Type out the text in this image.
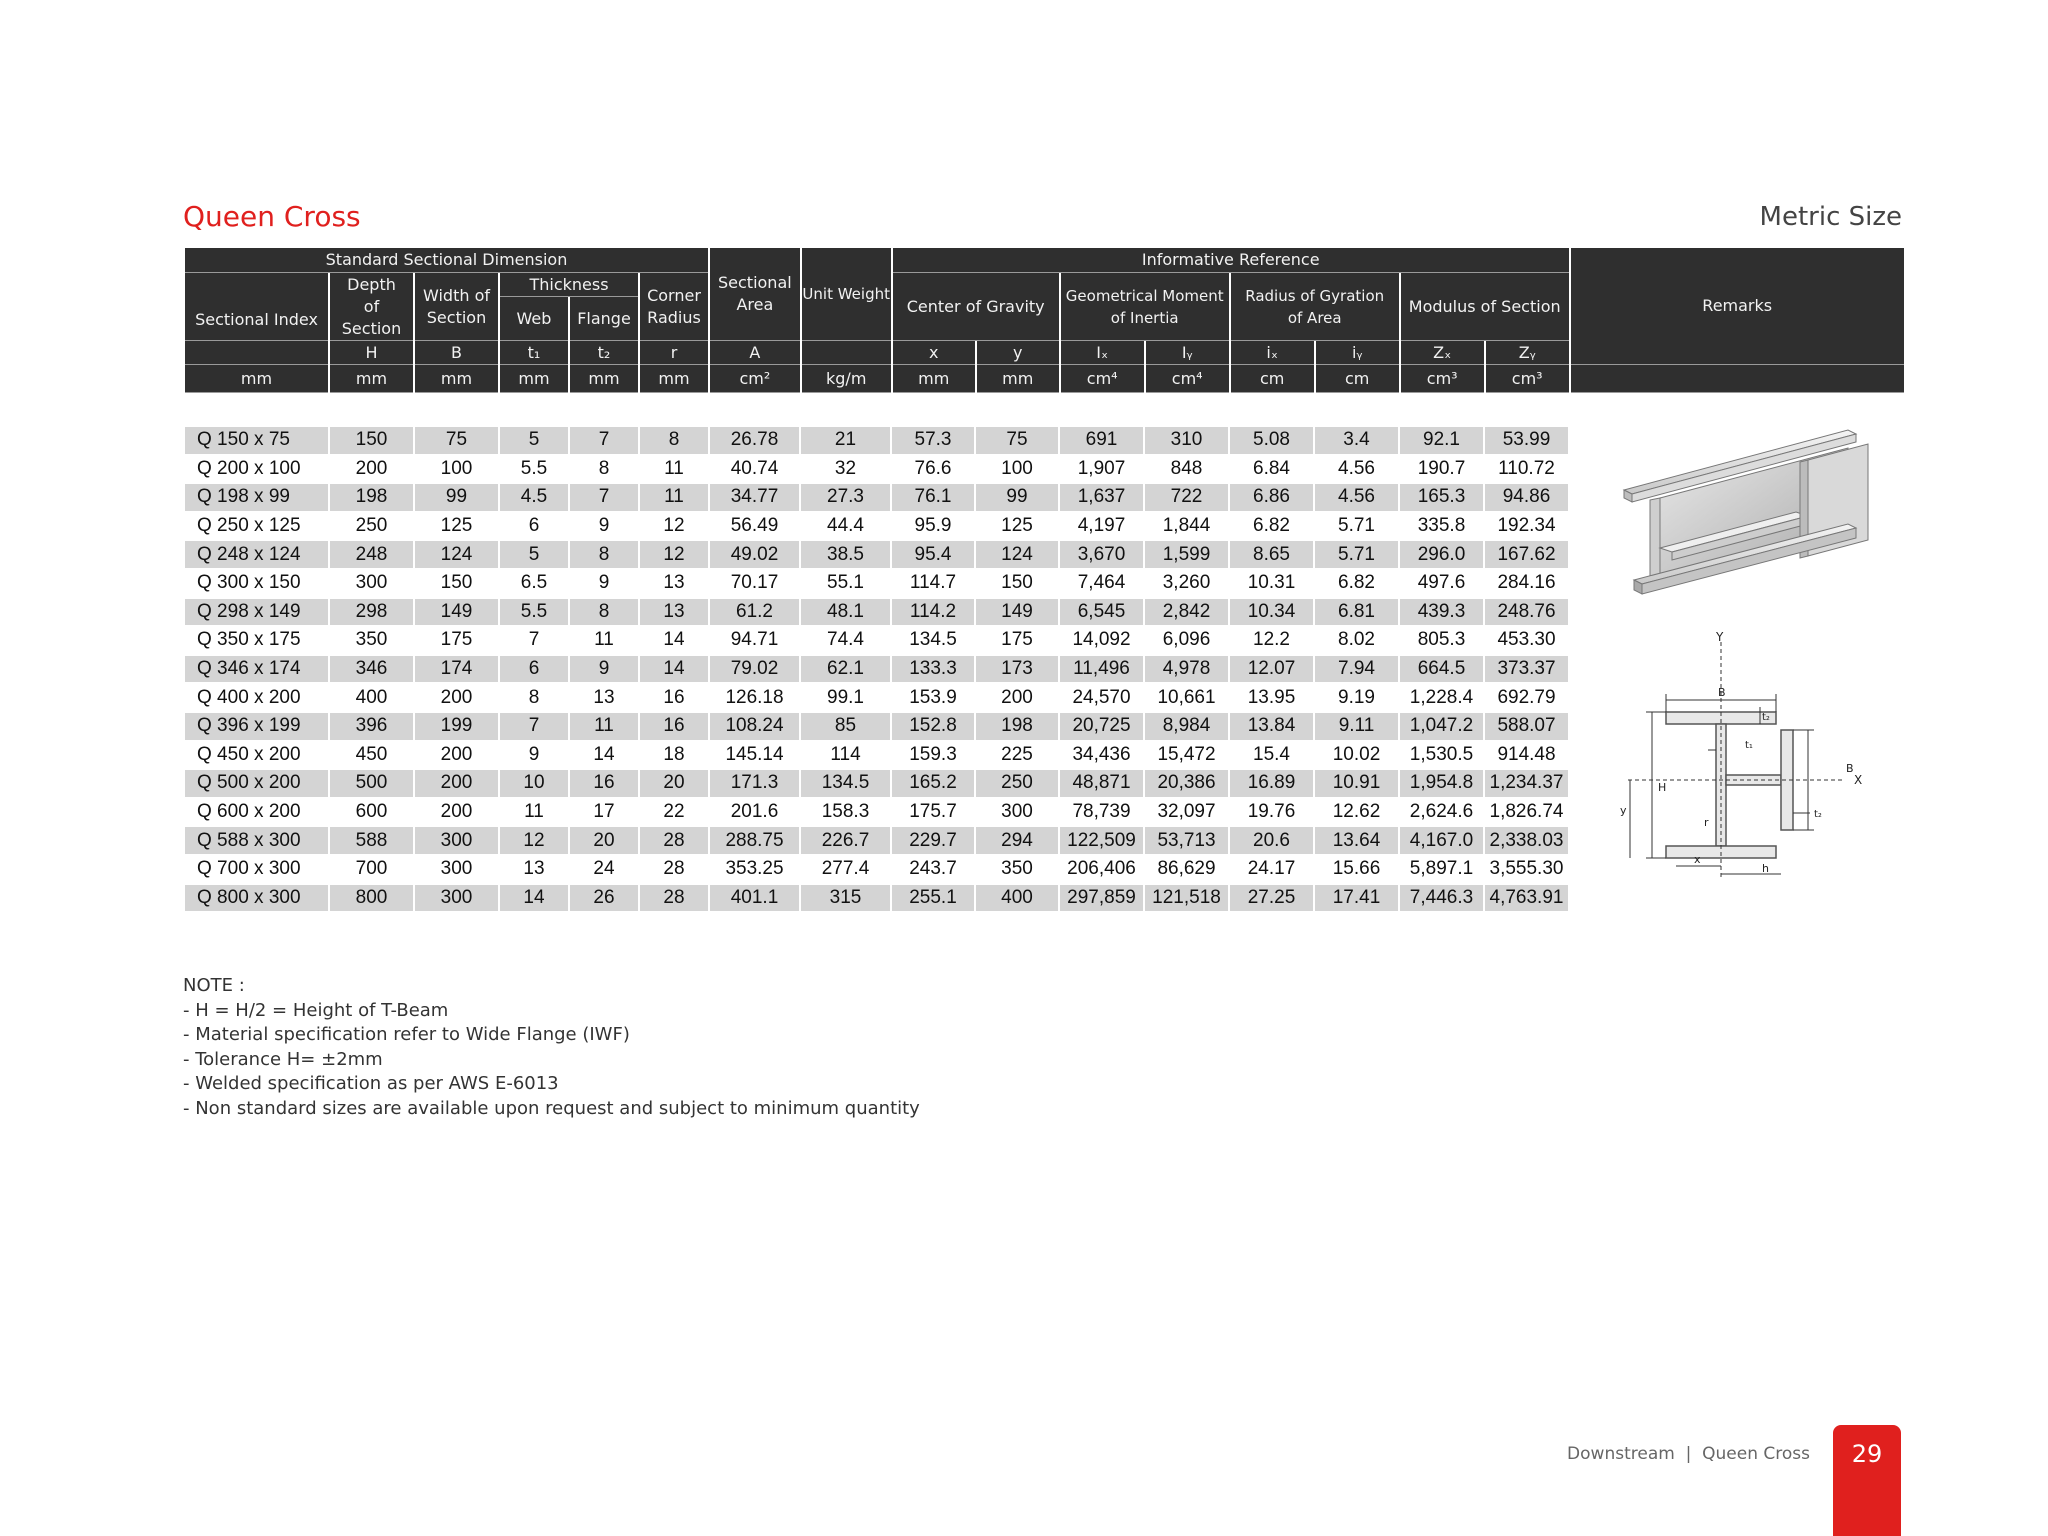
Queen Cross	Metric Size
Standard Sectional Dimension						Sectional Area	Unit Weight	Informative Reference								Remarks
Sectional Index	Depth of Section	Width of Section	Thickness		Corner Radius			Center of Gravity		Geometrical Moment of Inertia		Radius of Gyration of Area		Modulus of Section		
			Web	Flange												
	H	B	t₁	t₂	r	A		x	y	Iₓ	Iᵧ	iₓ	iᵧ	Zₓ	Zᵧ	
mm	mm	mm	mm	mm	mm	cm²	kg/m	mm	mm	cm⁴	cm⁴	cm	cm	cm³	cm³	
Q 150 x 75	150	75	5	7	8	26.78	21	57.3	75	691	310	5.08	3.4	92.1	53.99
Q 200 x 100	200	100	5.5	8	11	40.74	32	76.6	100	1,907	848	6.84	4.56	190.7	110.72
Q 198 x 99	198	99	4.5	7	11	34.77	27.3	76.1	99	1,637	722	6.86	4.56	165.3	94.86
Q 250 x 125	250	125	6	9	12	56.49	44.4	95.9	125	4,197	1,844	6.82	5.71	335.8	192.34
Q 248 x 124	248	124	5	8	12	49.02	38.5	95.4	124	3,670	1,599	8.65	5.71	296.0	167.62
Q 300 x 150	300	150	6.5	9	13	70.17	55.1	114.7	150	7,464	3,260	10.31	6.82	497.6	284.16
Q 298 x 149	298	149	5.5	8	13	61.2	48.1	114.2	149	6,545	2,842	10.34	6.81	439.3	248.76
Q 350 x 175	350	175	7	11	14	94.71	74.4	134.5	175	14,092	6,096	12.2	8.02	805.3	453.30
Q 346 x 174	346	174	6	9	14	79.02	62.1	133.3	173	11,496	4,978	12.07	7.94	664.5	373.37
Q 400 x 200	400	200	8	13	16	126.18	99.1	153.9	200	24,570	10,661	13.95	9.19	1,228.4	692.79
Q 396 x 199	396	199	7	11	16	108.24	85	152.8	198	20,725	8,984	13.84	9.11	1,047.2	588.07
Q 450 x 200	450	200	9	14	18	145.14	114	159.3	225	34,436	15,472	15.4	10.02	1,530.5	914.48
Q 500 x 200	500	200	10	16	20	171.3	134.5	165.2	250	48,871	20,386	16.89	10.91	1,954.8	1,234.37
Q 600 x 200	600	200	11	17	22	201.6	158.3	175.7	300	78,739	32,097	19.76	12.62	2,624.6	1,826.74
Q 588 x 300	588	300	12	20	28	288.75	226.7	229.7	294	122,509	53,713	20.6	13.64	4,167.0	2,338.03
Q 700 x 300	700	300	13	24	28	353.25	277.4	243.7	350	206,406	86,629	24.17	15.66	5,897.1	3,555.30
Q 800 x 300	800	300	14	26	28	401.1	315	255.1	400	297,859	121,518	27.25	17.41	7,446.3	4,763.91
Y
X
B
B
H
t₂
t₁
t₂
r
y
x
h
NOTE :
- H = H/2 = Height of T-Beam
- Material specification refer to Wide Flange (IWF)
- Tolerance H= ±2mm
- Welded specification as per AWS E-6013
- Non standard sizes are available upon request and subject to minimum quantity
Downstream  |  Queen Cross	29
